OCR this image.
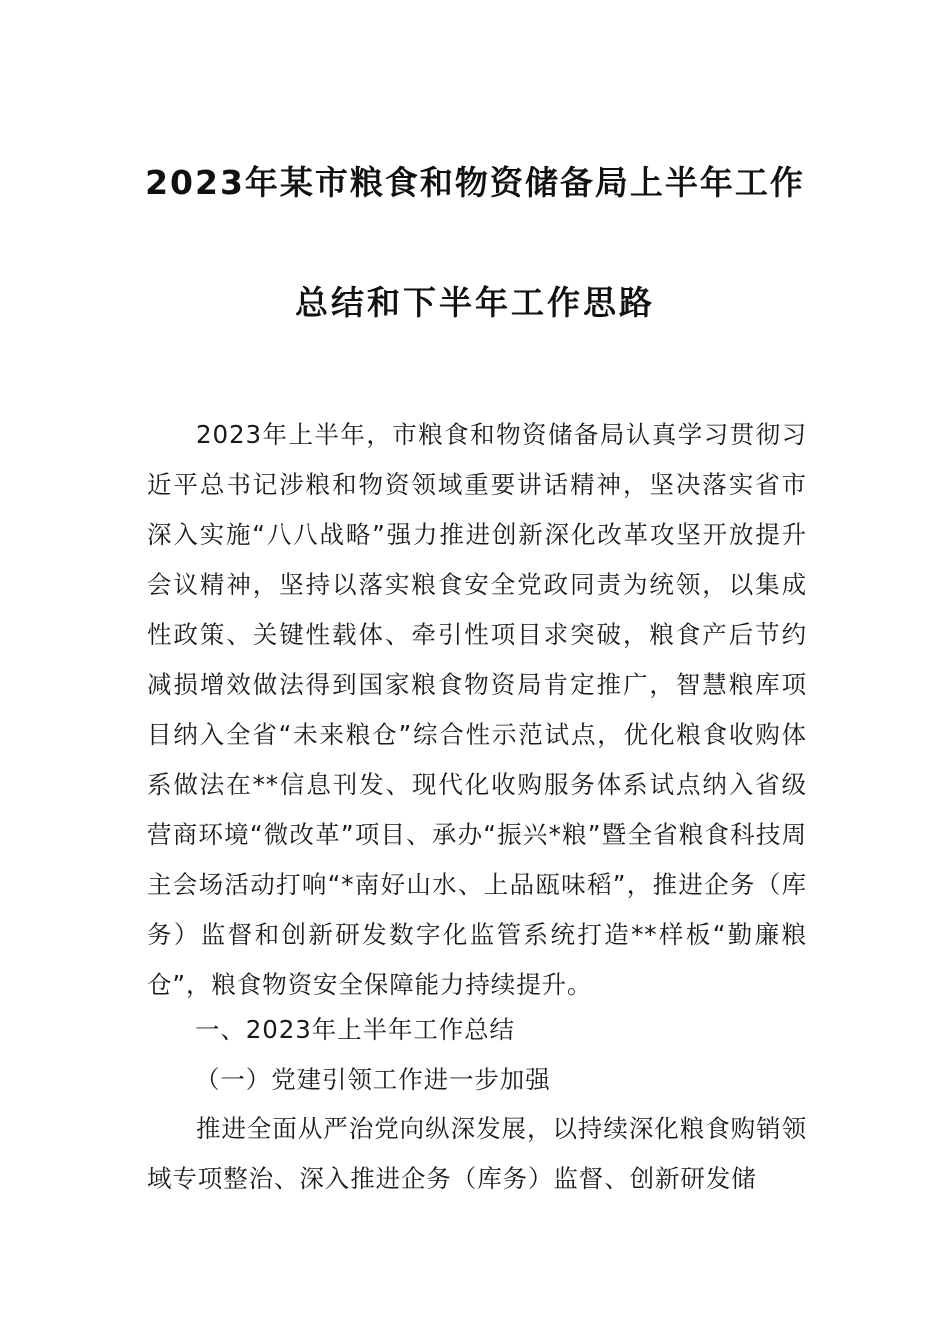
2023年某市粮食和物资储备局上半年工作
总结和下半年工作思路
2023年上半年，市粮食和物资储备局认真学习贯彻习近平总书记涉粮和物资领域重要讲话精神，坚决落实省市深入实施“八八战略”强力推进创新深化改革攻坚开放提升会议精神，坚持以落实粮食安全党政同责为统领，以集成性政策、关键性载体、牵引性项目求突破，粮食产后节约减损增效做法得到国家粮食物资局肯定推广，智慧粮库项目纳入全省“未来粮仓”综合性示范试点，优化粮食收购体系做法在**信息刊发、现代化收购服务体系试点纳入省级营商环境“微改革”项目、承办“振兴*粮”暨全省粮食科技周主会场活动打响“*南好山水、上品瓯味稻”，推进企务（库务）监督和创新研发数字化监管系统打造**样板“勤廉粮仓”，粮食物资安全保障能力持续提升。
一、2023年上半年工作总结
（一）党建引领工作进一步加强
推进全面从严治党向纵深发展，以持续深化粮食购销领域专项整治、深入推进企务（库务）监督、创新研发储
